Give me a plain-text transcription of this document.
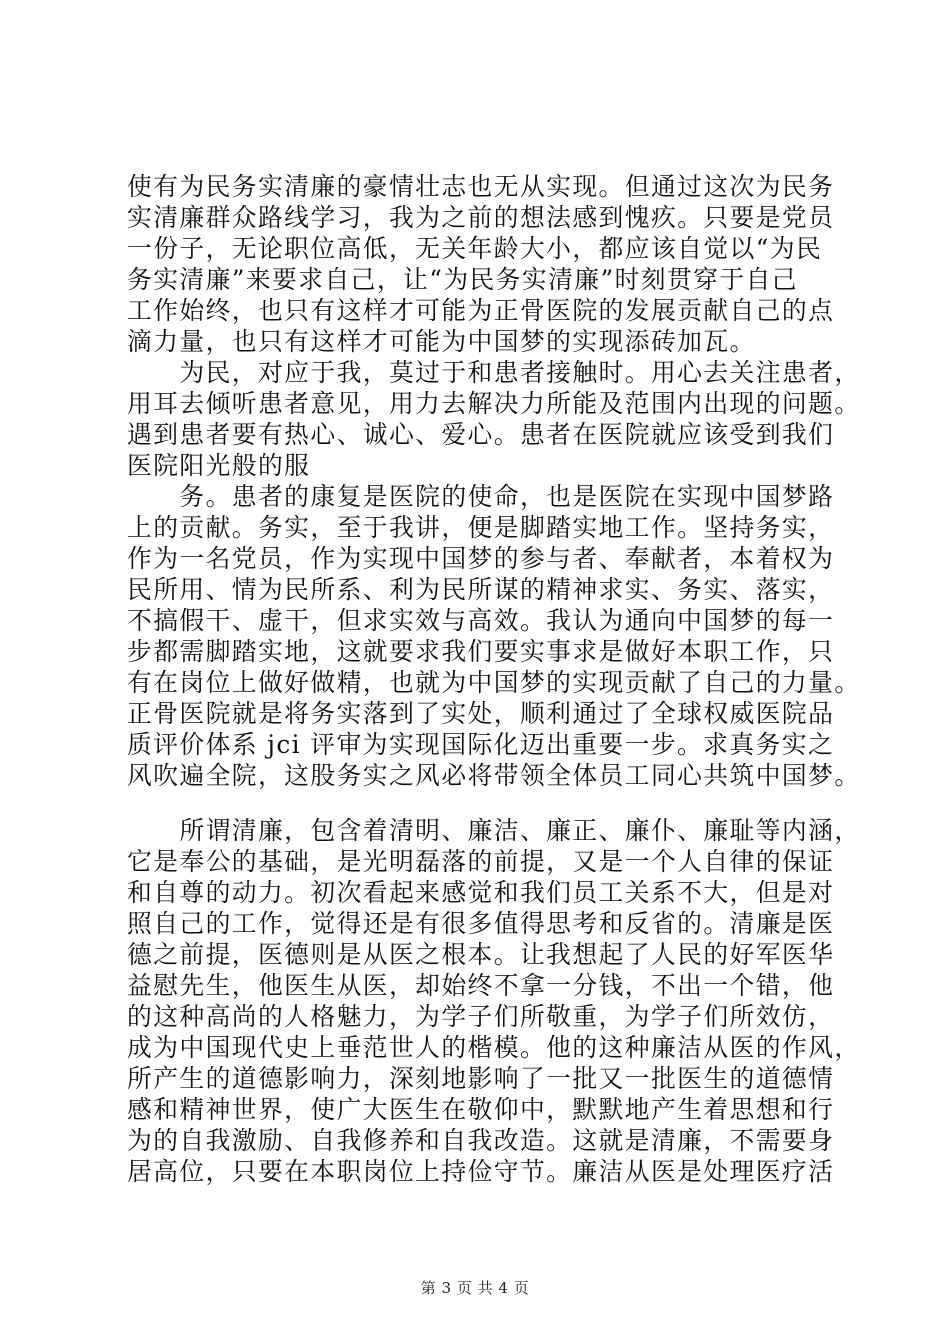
使有为民务实清廉的豪情壮志也无从实现。但通过这次为民务
实清廉群众路线学习，我为之前的想法感到愧疚。只要是党员
一份子，无论职位高低，无关年龄大小，都应该自觉以“为民
务实清廉”来要求自己，让“为民务实清廉”时刻贯穿于自己
工作始终，也只有这样才可能为正骨医院的发展贡献自己的点
滴力量，也只有这样才可能为中国梦的实现添砖加瓦。
　　为民，对应于我，莫过于和患者接触时。用心去关注患者，
用耳去倾听患者意见，用力去解决力所能及范围内出现的问题。
遇到患者要有热心、诚心、爱心。患者在医院就应该受到我们
医院阳光般的服
　　务。患者的康复是医院的使命，也是医院在实现中国梦路
上的贡献。务实，至于我讲，便是脚踏实地工作。坚持务实，
作为一名党员，作为实现中国梦的参与者、奉献者，本着权为
民所用、情为民所系、利为民所谋的精神求实、务实、落实，
不搞假干、虚干，但求实效与高效。我认为通向中国梦的每一
步都需脚踏实地，这就要求我们要实事求是做好本职工作，只
有在岗位上做好做精，也就为中国梦的实现贡献了自己的力量。
正骨医院就是将务实落到了实处，顺利通过了全球权威医院品
质评价体系 jci 评审为实现国际化迈出重要一步。求真务实之
风吹遍全院，这股务实之风必将带领全体员工同心共筑中国梦。
　　所谓清廉，包含着清明、廉洁、廉正、廉仆、廉耻等内涵，
它是奉公的基础，是光明磊落的前提，又是一个人自律的保证
和自尊的动力。初次看起来感觉和我们员工关系不大，但是对
照自己的工作，觉得还是有很多值得思考和反省的。清廉是医
德之前提，医德则是从医之根本。让我想起了人民的好军医华
益慰先生，他医生从医，却始终不拿一分钱，不出一个错，他
的这种高尚的人格魅力，为学子们所敬重，为学子们所效仿，
成为中国现代史上垂范世人的楷模。他的这种廉洁从医的作风，
所产生的道德影响力，深刻地影响了一批又一批医生的道德情
感和精神世界，使广大医生在敬仰中，默默地产生着思想和行
为的自我激励、自我修养和自我改造。这就是清廉，不需要身
居高位，只要在本职岗位上持俭守节。廉洁从医是处理医疗活
第 3 页 共 4 页
